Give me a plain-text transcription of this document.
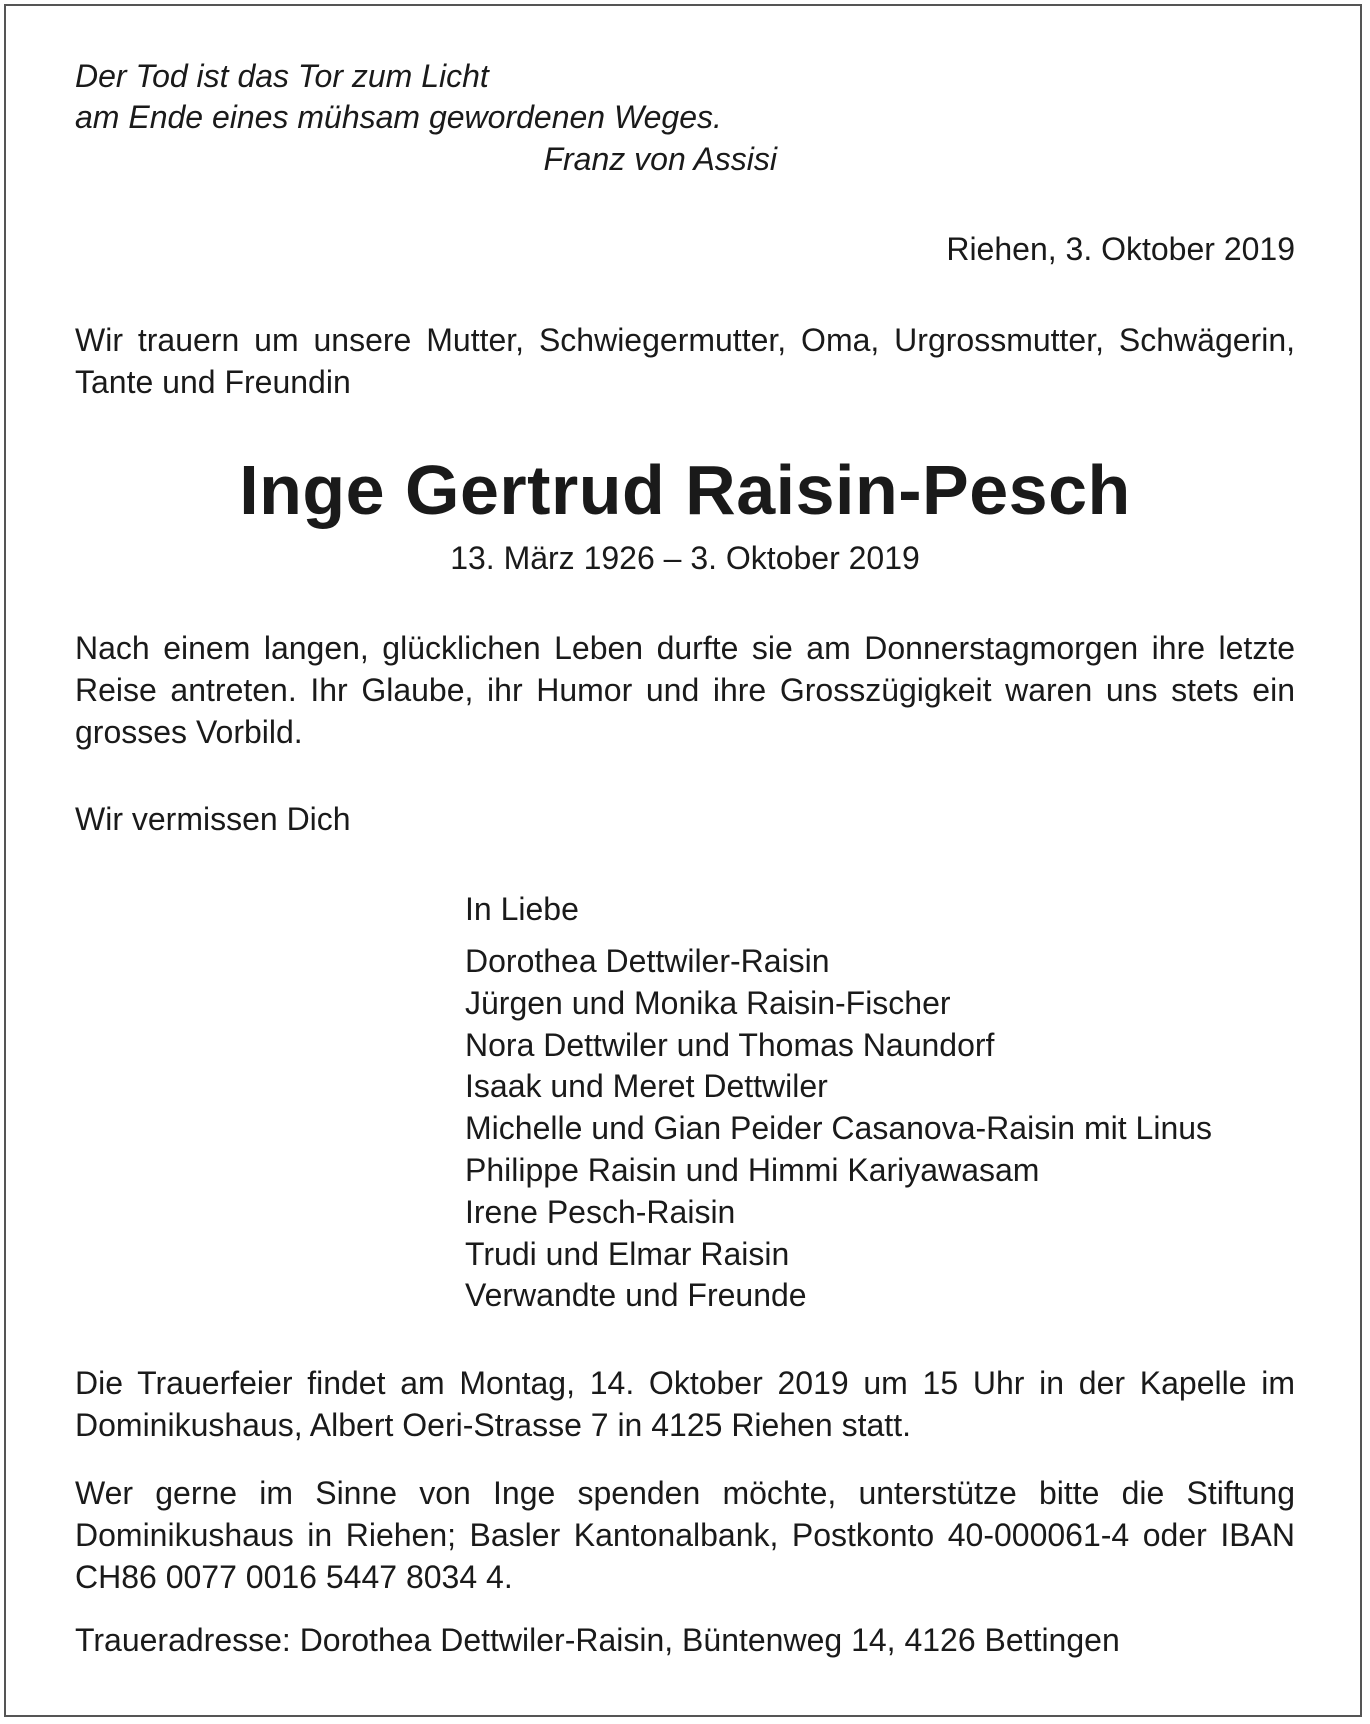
Der Tod ist das Tor zum Licht
am Ende eines mühsam gewordenen Weges.
Franz von Assisi
Riehen, 3. Oktober 2019
Wir trauern um unsere Mutter, Schwiegermutter, Oma, Urgrossmutter, Schwägerin, Tante und Freundin
Inge Gertrud Raisin-Pesch
13. März 1926 – 3. Oktober 2019
Nach einem langen, glücklichen Leben durfte sie am Donnerstagmorgen ihre letzte Reise antreten. Ihr Glaube, ihr Humor und ihre Grosszügigkeit waren uns stets ein grosses Vorbild.
Wir vermissen Dich
In Liebe
Dorothea Dettwiler-Raisin
Jürgen und Monika Raisin-Fischer
Nora Dettwiler und Thomas Naundorf
Isaak und Meret Dettwiler
Michelle und Gian Peider Casanova-Raisin mit Linus
Philippe Raisin und Himmi Kariyawasam
Irene Pesch-Raisin
Trudi und Elmar Raisin
Verwandte und Freunde
Die Trauerfeier findet am Montag, 14. Oktober 2019 um 15 Uhr in der Kapelle im Dominikushaus, Albert Oeri-Strasse 7 in 4125 Riehen statt.
Wer gerne im Sinne von Inge spenden möchte, unterstütze bitte die Stiftung Dominikushaus in Riehen; Basler Kantonalbank, Postkonto 40-000061-4 oder IBAN CH86 0077 0016 5447 8034 4.
Traueradresse: Dorothea Dettwiler-Raisin, Büntenweg 14, 4126 Bettingen
